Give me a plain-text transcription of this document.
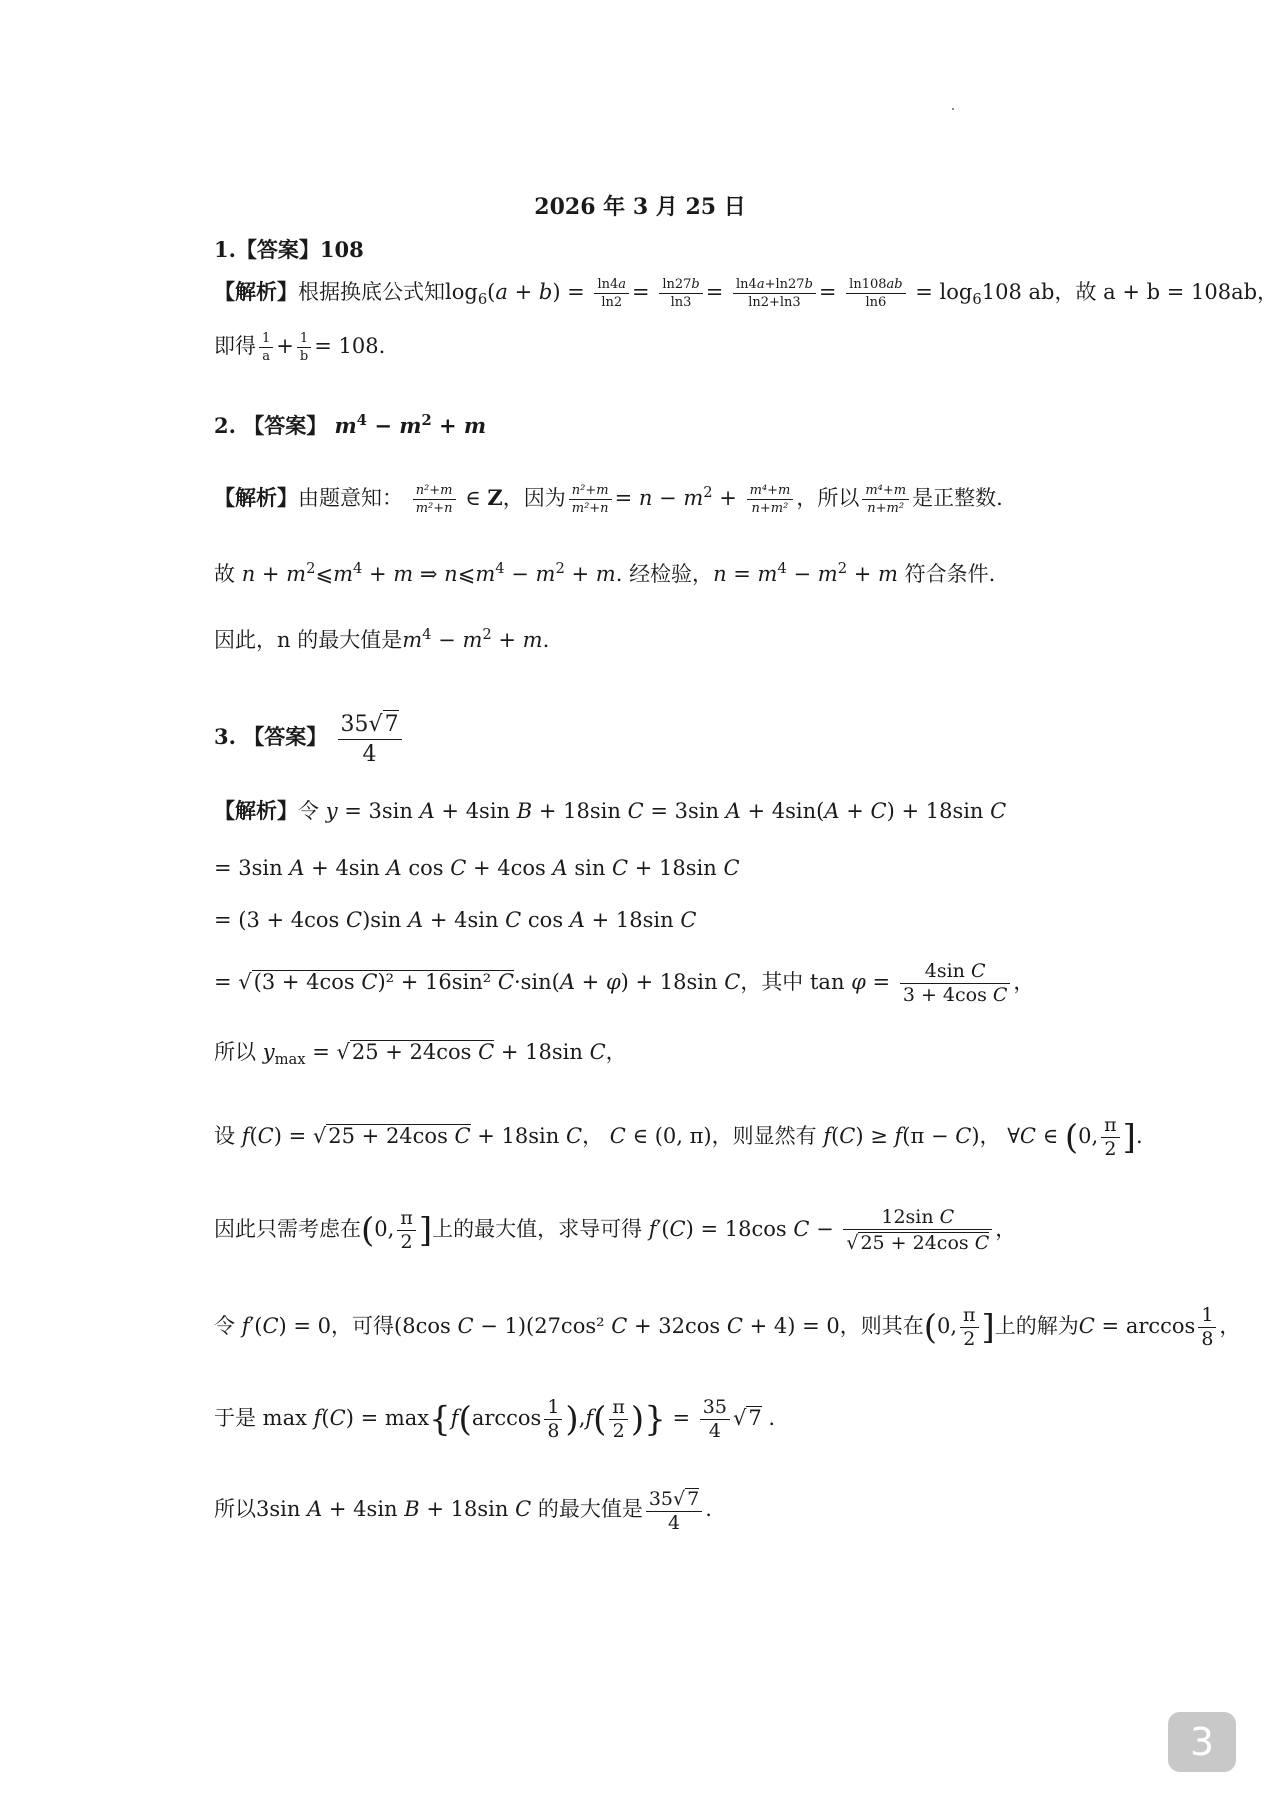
2026 年 3 月 25 日
1.【答案】108
【解析】根据换底公式知$\log_6(a + b) = \frac{\ln 4a}{\ln 2} = \frac{\ln 27b}{\ln 3} = \frac{\ln 4a+\ln 27b}{\ln 2+\ln 3} = \frac{\ln 108ab}{\ln 6} = \log_6108$ ab，故 a + b = 108ab，
即得 $\frac{1}{a} + \frac{1}{b} = 108$.
2. 【答案】 $m^4 - m^2 + m$
【解析】由题意知： $\frac{\text{n²+m}}{\text{m²+n}}$ ∈ Z，因为 $\frac{\text{n²+m}}{\text{m²+n}} = n - m^2 + \frac{\text{m⁴+m}}{\text{n+m²}}$ ，所以 $\frac{\text{m⁴+m}}{\text{n+m²}}$ 是正整数.
故 $n + m^2⩽m^4 + m$ ⇒ $n⩽m^4 - m^2 + m$. 经检验，$n = m^4 - m^2 + m$ 符合条件.
因此，n 的最大值是$m^4 - m^2 + m$.
3. 【答案】 $\frac{35√7}{4}$
【解析】令 y = 3sin A + 4sin B + 18sin C = 3sin A + 4sin(A + C) + 18sin C
= 3sin A + 4sin A cos C + 4cos A sin C + 18sin C
= (3 + 4cos C)sin A + 4sin C cos A + 18sin C
= √(3 + 4cos C)² + 16sin² C·sin(A + φ) + 18sin C，其中 $\tan \varphi = \frac{\text{4sin C}}{\text{3 + 4cos C}}$ ，
所以 $y_{max} = √25 + 24\cos$ C + 18sin C，
设 f(C) = √25 + 24cos C + 18sin C， C ∈ (0, π)，则显然有 f(C) ≥ f(π − C)， ∀C ∈ (0, $\frac{\pi}{2}$ ].
因此只需考虑在(0, $\frac{\pi}{2}$ ]上的最大值，求导可得 f′(C) = 18cos $C - \frac{\text{12sin C}}{\text{√ 25 + 24cos C}}$ ，
令 f′(C) = 0，可得(8cos C − 1)(27cos² C + 32cos C + 4) = 0，则其在(0, $\frac{\pi}{2}$ ]上的解为$C = \arccos \frac{1}{8}$ ，
于是 $\max f(C) = \max\{f(\arccos \frac{1}{8} ),f( \frac{\pi}{2}$ )} = $\frac{35}{4} √7$ .
所以3sin A + 4sin B + 18sin C 的最大值是 $\frac{35√ 7}{4}$ .
3
